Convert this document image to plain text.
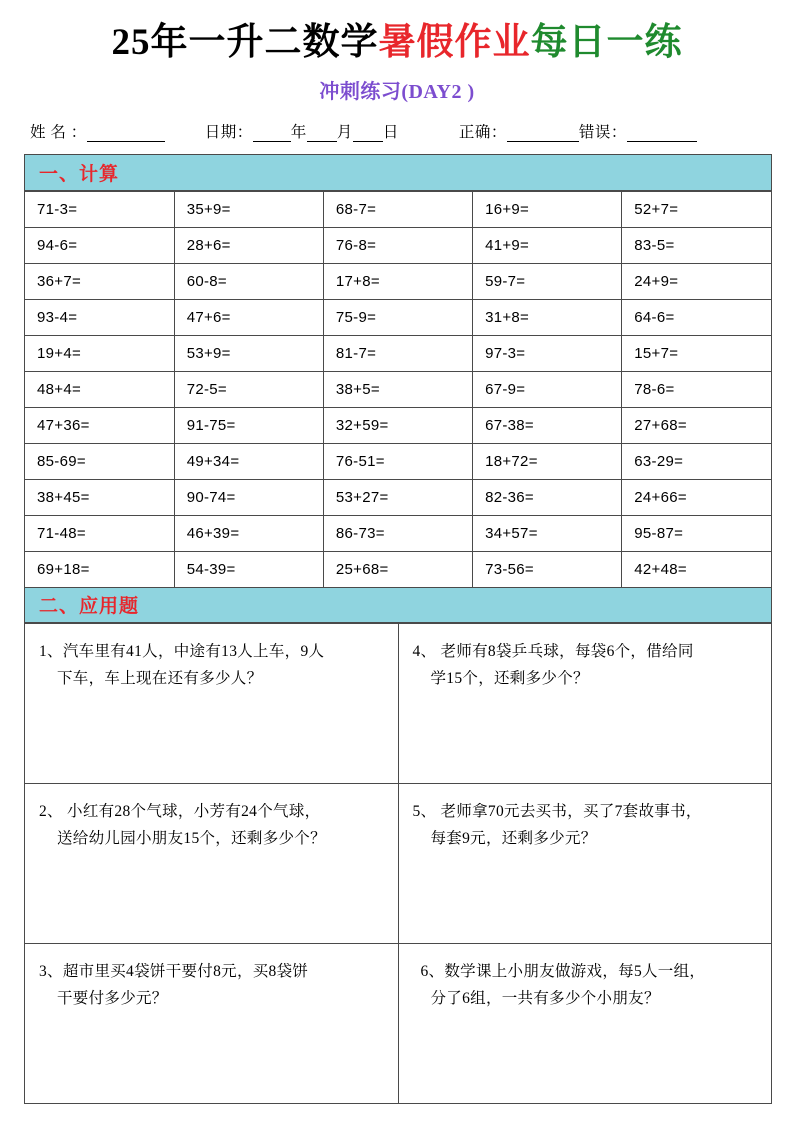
25年一升二数学暑假作业每日一练
冲刺练习(DAY2 )
姓 名 ：	日期： 年 月 日	正确：	错误：
一、计算
71-3=	35+9=	68-7=	16+9=	52+7=
94-6=	28+6=	76-8=	41+9=	83-5=
36+7=	60-8=	17+8=	59-7=	24+9=
93-4=	47+6=	75-9=	31+8=	64-6=
19+4=	53+9=	81-7=	97-3=	15+7=
48+4=	72-5=	38+5=	67-9=	78-6=
47+36=	91-75=	32+59=	67-38=	27+68=
85-69=	49+34=	76-51=	18+72=	63-29=
38+45=	90-74=	53+27=	82-36=	24+66=
71-48=	46+39=	86-73=	34+57=	95-87=
69+18=	54-39=	25+68=	73-56=	42+48=
二、应用题
1、汽车里有41人，中途有13人上车，9人
下车，车上现在还有多少人？	4、 老师有8袋乒乓球，每袋6个，借给同
学15个，还剩多少个？

2、 小红有28个气球，小芳有24个气球，
送给幼儿园小朋友15个，还剩多少个？	5、 老师拿70元去买书，买了7套故事书，
每套9元，还剩多少元？

3、超市里买4袋饼干要付8元，买8袋饼
干要付多少元？	6、数学课上小朋友做游戏，每5人一组，
分了6组，一共有多少个小朋友？
